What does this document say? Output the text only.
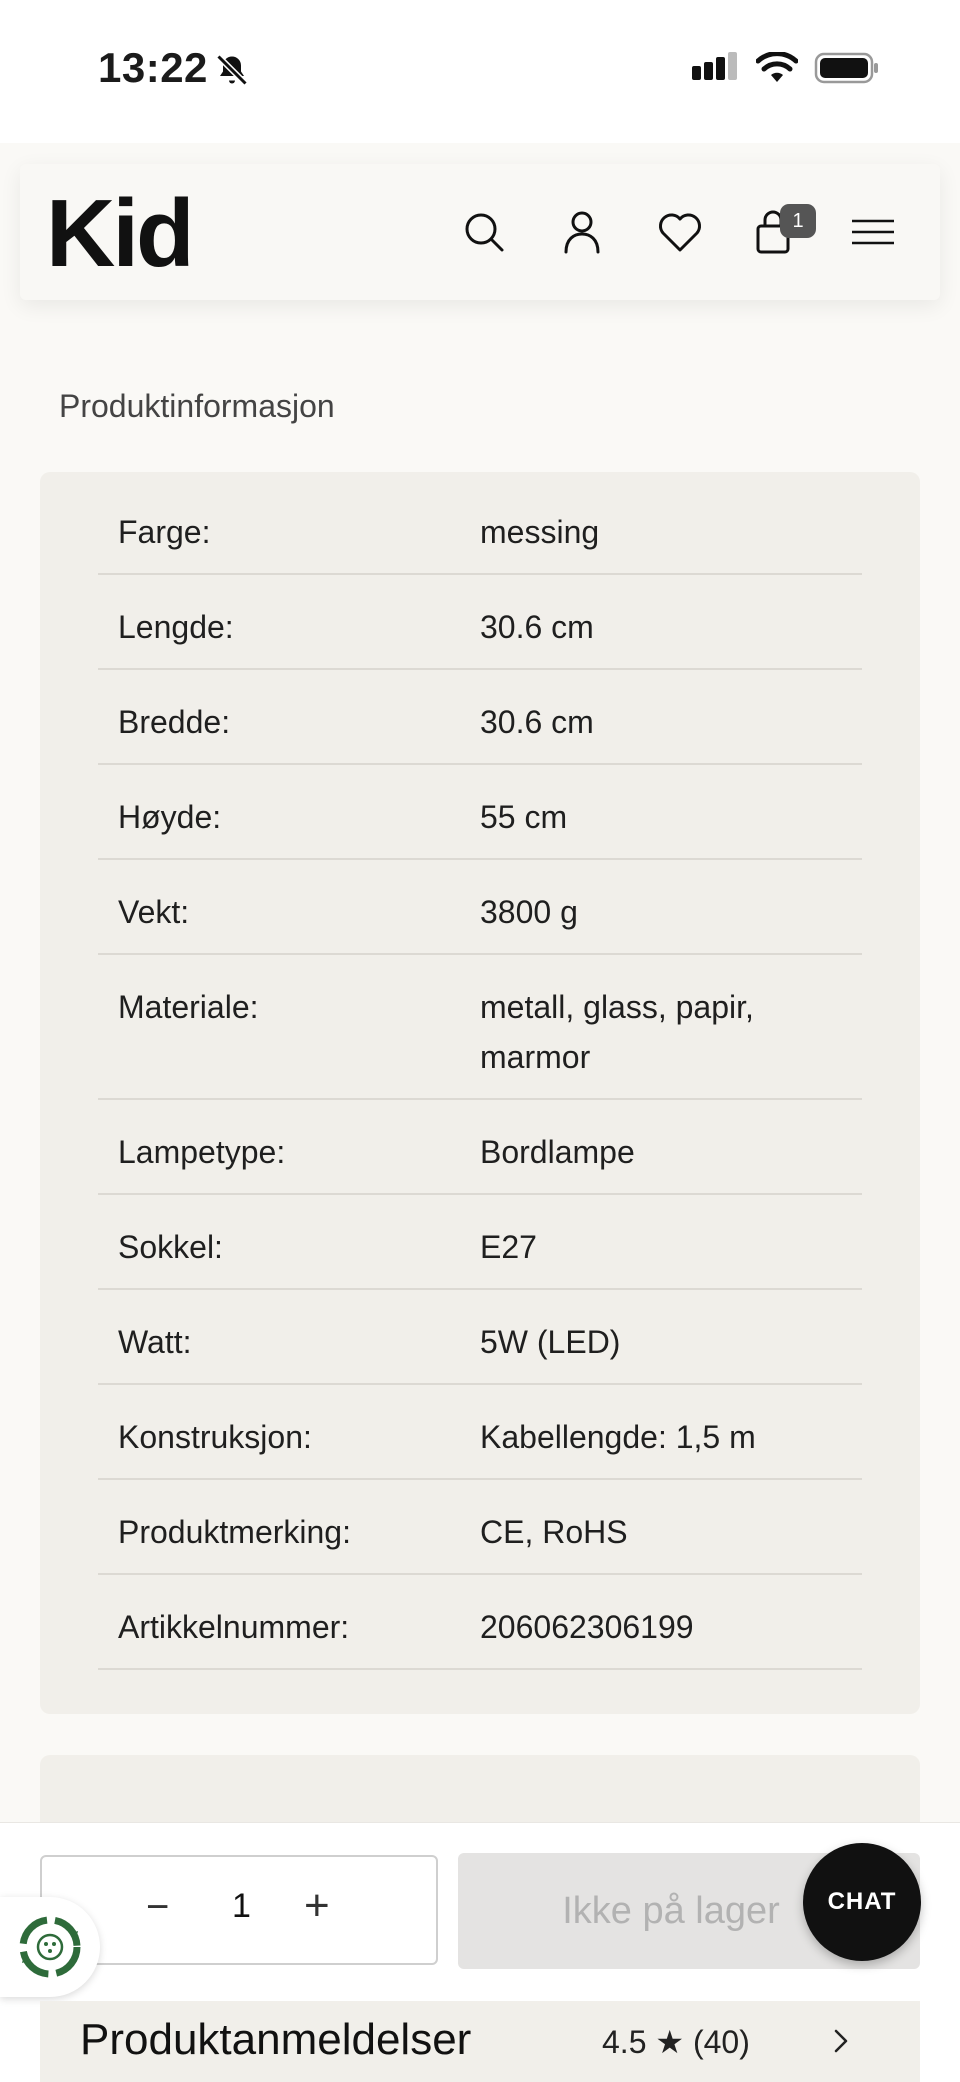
13:22
Kid	1
Produktinformasjon
Farge:	messing
Lengde:	30.6 cm
Bredde:	30.6 cm
Høyde:	55 cm
Vekt:	3800 g
Materiale:	metall, glass, papir, marmor
Lampetype:	Bordlampe
Sokkel:	E27
Watt:	5W (LED)
Konstruksjon:	Kabellengde: 1,5 m
Produktmerking:	CE, RoHS
Artikkelnummer:	206062306199
− 1 +	Ikke på lager	CHAT
Produktanmeldelser	4.5 ★ (40)
